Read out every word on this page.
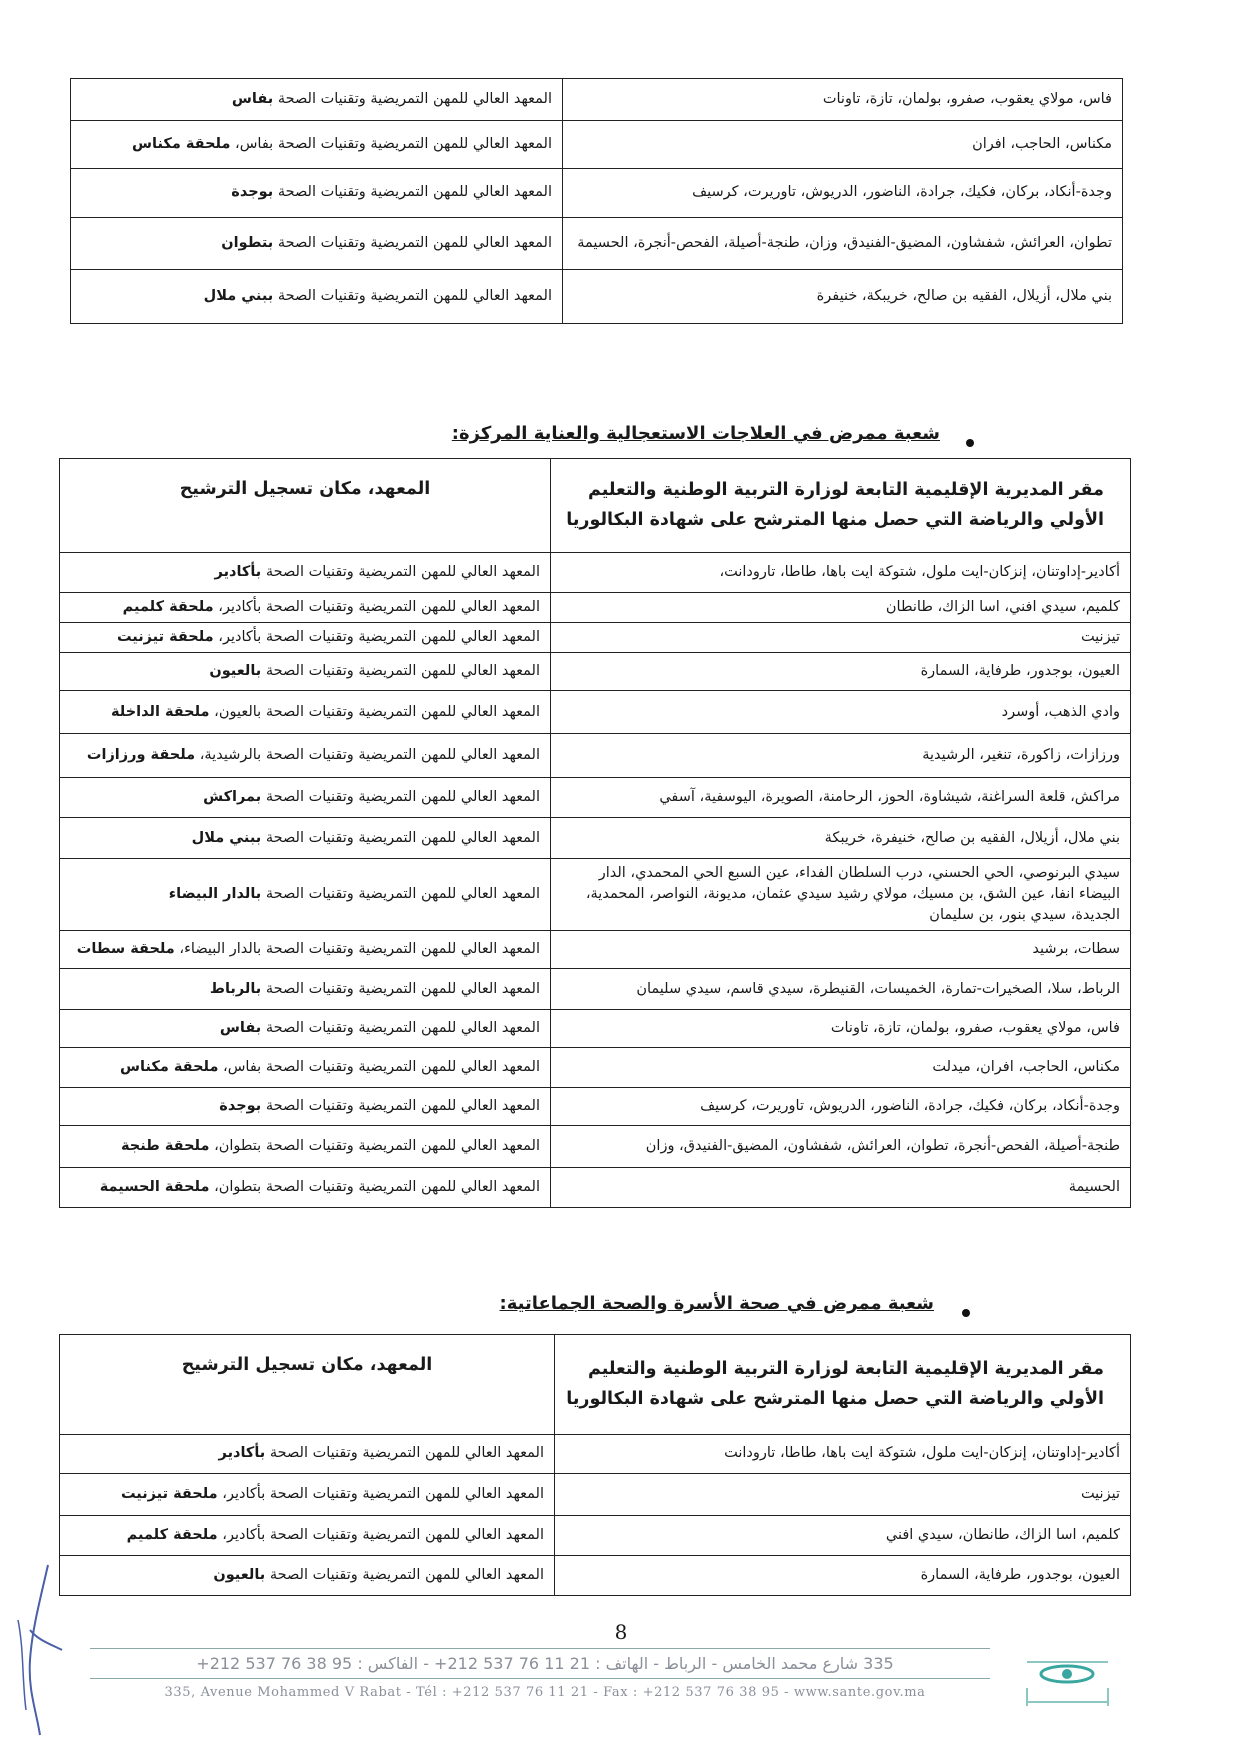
فاس، مولاي يعقوب، صفرو، بولمان، تازة، تاونات	المعهد العالي للمهن التمريضية وتقنيات الصحة بفاس
مكناس، الحاجب، افران	المعهد العالي للمهن التمريضية وتقنيات الصحة بفاس، ملحقة مكناس
وجدة-أنكاد، بركان، فكيك، جرادة، الناضور، الدريوش، تاوريرت، كرسيف	المعهد العالي للمهن التمريضية وتقنيات الصحة بوجدة
تطوان، العرائش، شفشاون، المضيق-الفنيدق، وزان، طنجة-أصيلة، الفحص-أنجرة، الحسيمة	المعهد العالي للمهن التمريضية وتقنيات الصحة بتطوان
بني ملال، أزيلال، الفقيه بن صالح، خريبكة، خنيفرة	المعهد العالي للمهن التمريضية وتقنيات الصحة ببني ملال
شعبة ممرض في العلاجات الاستعجالية والعناية المركزة:
مقر المديرية الإقليمية التابعة لوزارة التربية الوطنية والتعليم الأولي والرياضة التي حصل منها المترشح على شهادة البكالوريا	المعهد، مكان تسجيل الترشيح
أكادير-إداوتنان، إنزكان-ايت ملول، شتوكة ايت باها، طاطا، تارودانت،	المعهد العالي للمهن التمريضية وتقنيات الصحة بأكادير
كلميم، سيدي افني، اسا الزاك، طانطان	المعهد العالي للمهن التمريضية وتقنيات الصحة بأكادير، ملحقة كلميم
تيزنيت	المعهد العالي للمهن التمريضية وتقنيات الصحة بأكادير، ملحقة تيزنيت
العيون، بوجدور، طرفاية، السمارة	المعهد العالي للمهن التمريضية وتقنيات الصحة بالعيون
وادي الذهب، أوسرد	المعهد العالي للمهن التمريضية وتقنيات الصحة بالعيون، ملحقة الداخلة
ورزازات، زاكورة، تنغير، الرشيدية	المعهد العالي للمهن التمريضية وتقنيات الصحة بالرشيدية، ملحقة ورزازات
مراكش، قلعة السراغنة، شيشاوة، الحوز، الرحامنة، الصويرة، اليوسفية، آسفي	المعهد العالي للمهن التمريضية وتقنيات الصحة بمراكش
بني ملال، أزيلال، الفقيه بن صالح، خنيفرة، خريبكة	المعهد العالي للمهن التمريضية وتقنيات الصحة ببني ملال
سيدي البرنوصي، الحي الحسني، درب السلطان الفداء، عين السبع الحي المحمدي، الدار البيضاء انفا، عين الشق، بن مسيك، مولاي رشيد سيدي عثمان، مديونة، النواصر، المحمدية، الجديدة، سيدي بنور، بن سليمان	المعهد العالي للمهن التمريضية وتقنيات الصحة بالدار البيضاء
سطات، برشيد	المعهد العالي للمهن التمريضية وتقنيات الصحة بالدار البيضاء، ملحقة سطات
الرباط، سلا، الصخيرات-تمارة، الخميسات، القنيطرة، سيدي قاسم، سيدي سليمان	المعهد العالي للمهن التمريضية وتقنيات الصحة بالرباط
فاس، مولاي يعقوب، صفرو، بولمان، تازة، تاونات	المعهد العالي للمهن التمريضية وتقنيات الصحة بفاس
مكناس، الحاجب، افران، ميدلت	المعهد العالي للمهن التمريضية وتقنيات الصحة بفاس، ملحقة مكناس
وجدة-أنكاد، بركان، فكيك، جرادة، الناضور، الدريوش، تاوريرت، كرسيف	المعهد العالي للمهن التمريضية وتقنيات الصحة بوجدة
طنجة-أصيلة، الفحص-أنجرة، تطوان، العرائش، شفشاون، المضيق-الفنيدق، وزان	المعهد العالي للمهن التمريضية وتقنيات الصحة بتطوان، ملحقة طنجة
الحسيمة	المعهد العالي للمهن التمريضية وتقنيات الصحة بتطوان، ملحقة الحسيمة
شعبة ممرض في صحة الأسرة والصحة الجماعاتية:
مقر المديرية الإقليمية التابعة لوزارة التربية الوطنية والتعليم الأولي والرياضة التي حصل منها المترشح على شهادة البكالوريا	المعهد، مكان تسجيل الترشيح
أكادير-إداوتنان، إنزكان-ايت ملول، شتوكة ايت باها، طاطا، تارودانت	المعهد العالي للمهن التمريضية وتقنيات الصحة بأكادير
تيزنيت	المعهد العالي للمهن التمريضية وتقنيات الصحة بأكادير، ملحقة تيزنيت
كلميم، اسا الزاك، طانطان، سيدي افني	المعهد العالي للمهن التمريضية وتقنيات الصحة بأكادير، ملحقة كلميم
العيون، بوجدور، طرفاية، السمارة	المعهد العالي للمهن التمريضية وتقنيات الصحة بالعيون
8
335 شارع محمد الخامس - الرباط - الهاتف : 21 11 76 537 212+ - الفاكس : 95 38 76 537 212+
335, Avenue Mohammed V Rabat - Tél : +212 537 76 11 21 - Fax : +212 537 76 38 95 - www.sante.gov.ma
